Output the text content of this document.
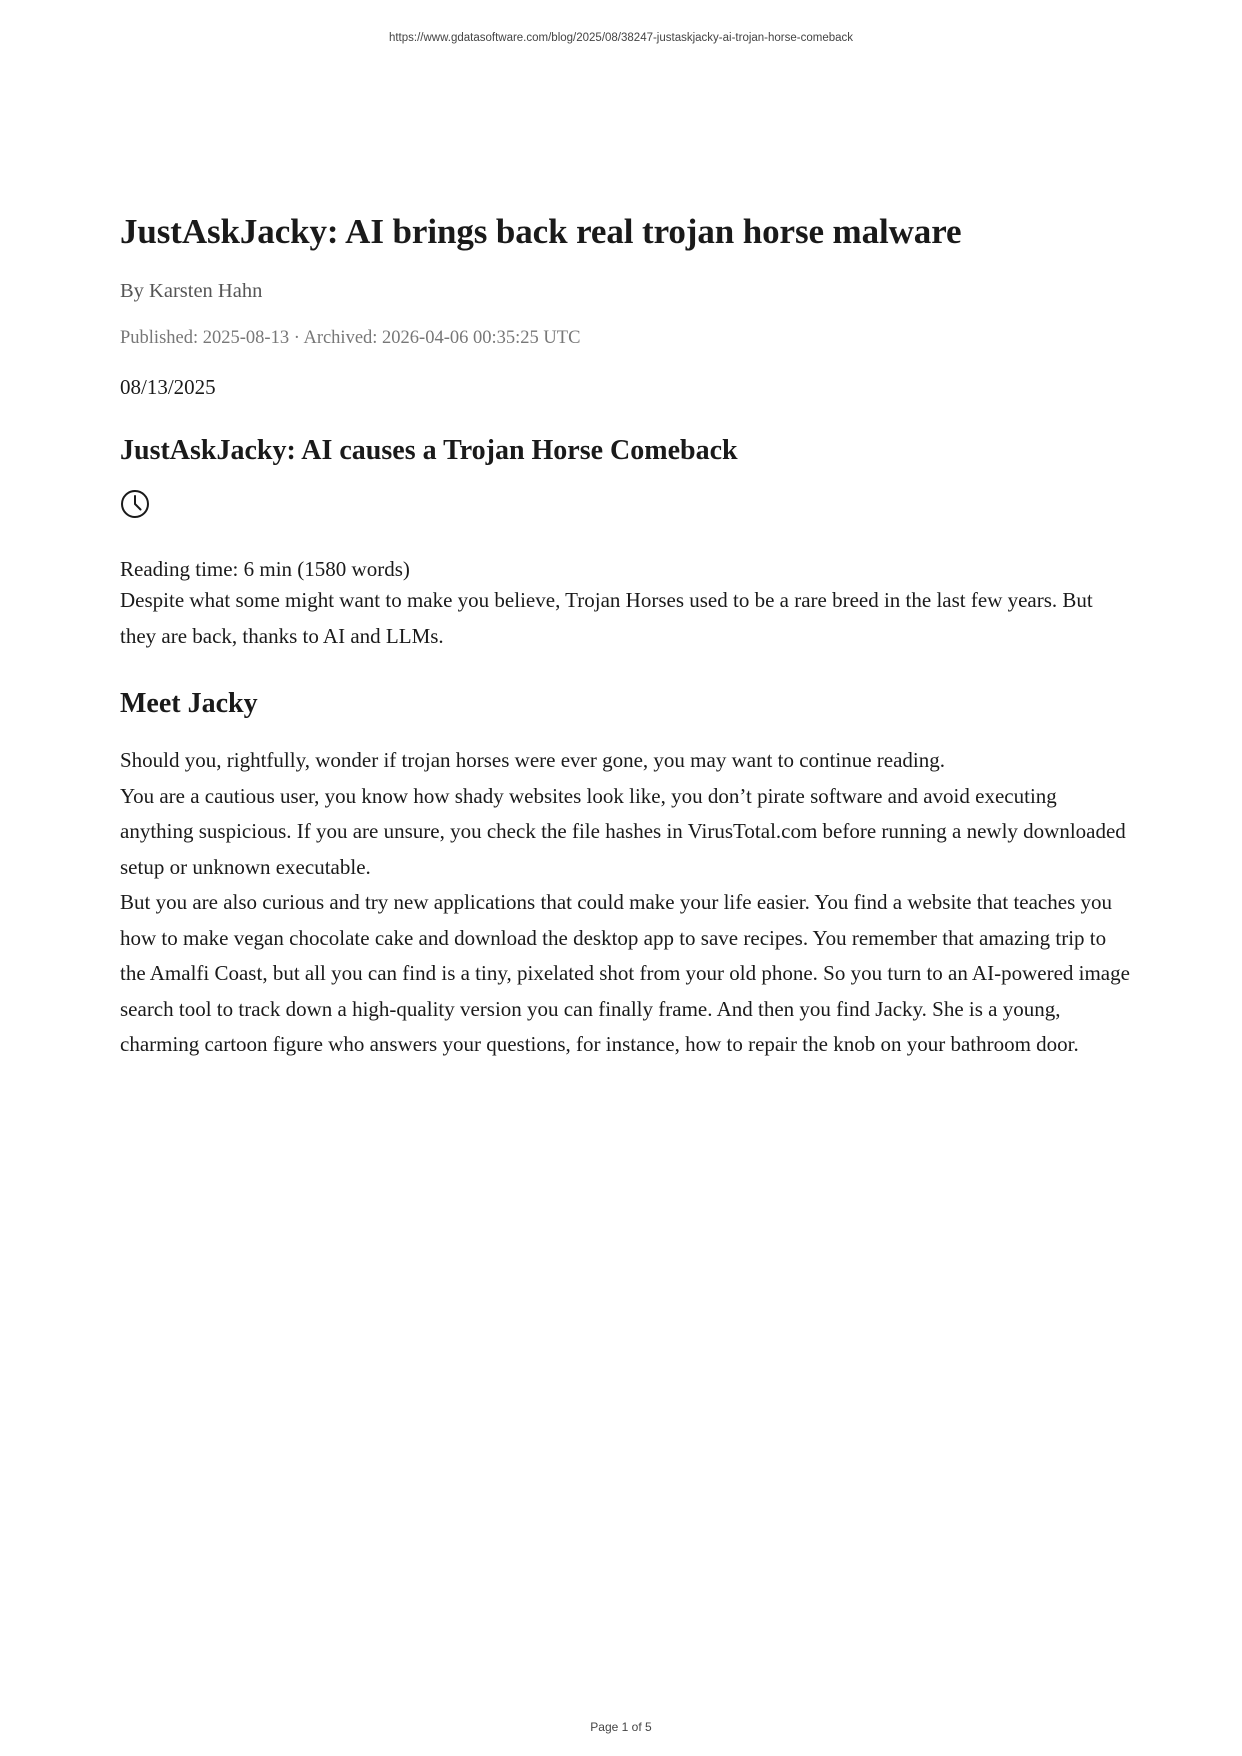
https://www.gdatasoftware.com/blog/2025/08/38247-justaskjacky-ai-trojan-horse-comeback
JustAskJacky: AI brings back real trojan horse malware
By Karsten Hahn
Published: 2025-08-13 · Archived: 2026-04-06 00:35:25 UTC
08/13/2025
JustAskJacky: AI causes a Trojan Horse Comeback
Reading time: 6 min (1580 words)

Despite what some might want to make you believe, Trojan Horses used to be a rare breed in the last few years. But they are back, thanks to AI and LLMs.

Meet Jacky

Should you, rightfully, wonder if trojan horses were ever gone, you may want to continue reading.

You are a cautious user, you know how shady websites look like, you don’t pirate software and avoid executing anything suspicious. If you are unsure, you check the file hashes in VirusTotal.com before running a newly downloaded setup or unknown executable.

But you are also curious and try new applications that could make your life easier. You find a website that teaches you how to make vegan chocolate cake and download the desktop app to save recipes. You remember that amazing trip to the Amalfi Coast, but all you can find is a tiny, pixelated shot from your old phone. So you turn to an AI-powered image search tool to track down a high-quality version you can finally frame. And then you find Jacky. She is a young, charming cartoon figure who answers your questions, for instance, how to repair the knob on your bathroom door.

Page 1 of 5
